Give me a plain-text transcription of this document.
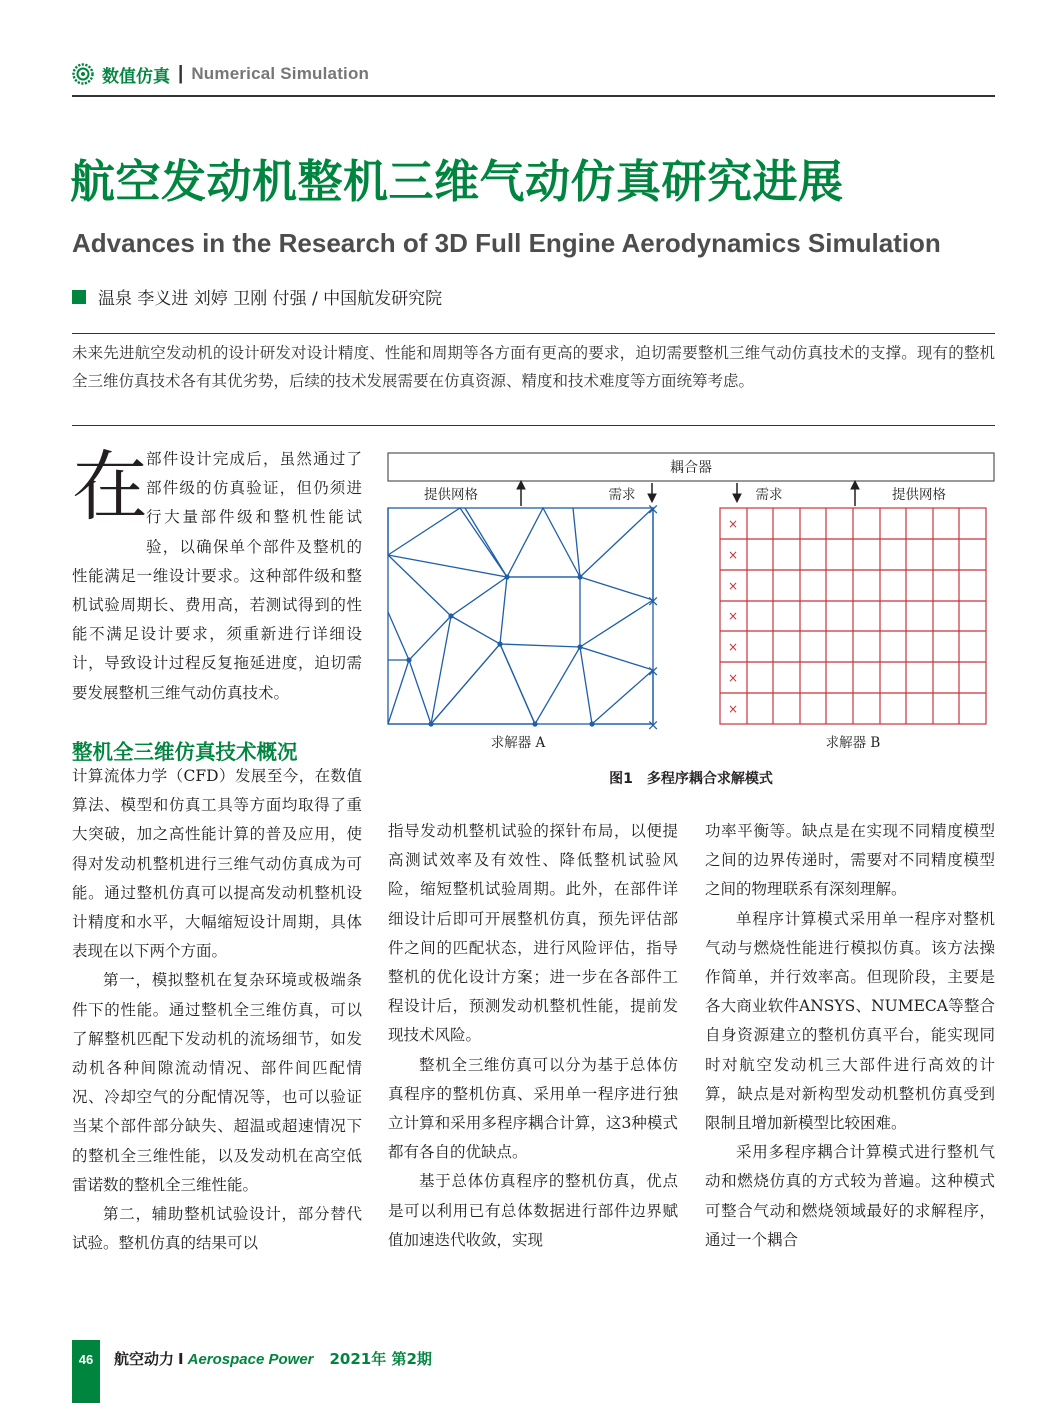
数值仿真 | Numerical Simulation
航空发动机整机三维气动仿真研究进展
Advances in the Research of 3D Full Engine Aerodynamics Simulation
温泉 李义进 刘婷 卫刚 付强 / 中国航发研究院
未来先进航空发动机的设计研发对设计精度、性能和周期等各方面有更高的要求，迫切需要整机三维气动仿真技术的支撑。现有的整机全三维仿真技术各有其优劣势，后续的技术发展需要在仿真资源、精度和技术难度等方面统筹考虑。
在
部件设计完成后，虽然通过了部件级的仿真验证，但仍须进行大量部件级和整机性能试验，以确保单个部件及整机的性能满足一维设计要求。这种部件级和整机试验周期长、费用高，若测试得到的性能不满足设计要求，须重新进行详细设计，导致设计过程反复拖延进度，迫切需要发展整机三维气动仿真技术。
整机全三维仿真技术概况

计算流体力学（CFD）发展至今，在数值算法、模型和仿真工具等方面均取得了重大突破，加之高性能计算的普及应用，使得对发动机整机进行三维气动仿真成为可能。通过整机仿真可以提高发动机整机设计精度和水平，大幅缩短设计周期，具体表现在以下两个方面。

第一，模拟整机在复杂环境或极端条件下的性能。通过整机全三维仿真，可以了解整机匹配下发动机的流场细节，如发动机各种间隙流动情况、部件间匹配情况、冷却空气的分配情况等，也可以验证当某个部件部分缺失、超温或超速情况下的整机全三维性能，以及发动机在高空低雷诺数的整机全三维性能。

第二，辅助整机试验设计，部分替代试验。整机仿真的结果可以

耦合器
提供网格	需求	需求	提供网格
×
×
×
×
×
×
×
×
×
×
×
求解器 A	求解器 B
图1　多程序耦合求解模式

指导发动机整机试验的探针布局，以便提高测试效率及有效性、降低整机试验风险，缩短整机试验周期。此外，在部件详细设计后即可开展整机仿真，预先评估部件之间的匹配状态，进行风险评估，指导整机的优化设计方案；进一步在各部件工程设计后，预测发动机整机性能，提前发现技术风险。

整机全三维仿真可以分为基于总体仿真程序的整机仿真、采用单一程序进行独立计算和采用多程序耦合计算，这3种模式都有各自的优缺点。

基于总体仿真程序的整机仿真，优点是可以利用已有总体数据进行部件边界赋值加速迭代收敛，实现

功率平衡等。缺点是在实现不同精度模型之间的边界传递时，需要对不同精度模型之间的物理联系有深刻理解。

单程序计算模式采用单一程序对整机气动与燃烧性能进行模拟仿真。该方法操作简单，并行效率高。但现阶段，主要是各大商业软件ANSYS、NUMECA等整合自身资源建立的整机仿真平台，能实现同时对航空发动机三大部件进行高效的计算，缺点是对新构型发动机整机仿真受到限制且增加新模型比较困难。

采用多程序耦合计算模式进行整机气动和燃烧仿真的方式较为普遍。这种模式可整合气动和燃烧领域最好的求解程序，通过一个耦合

46	航空动力 I Aerospace Power 2021年 第2期
